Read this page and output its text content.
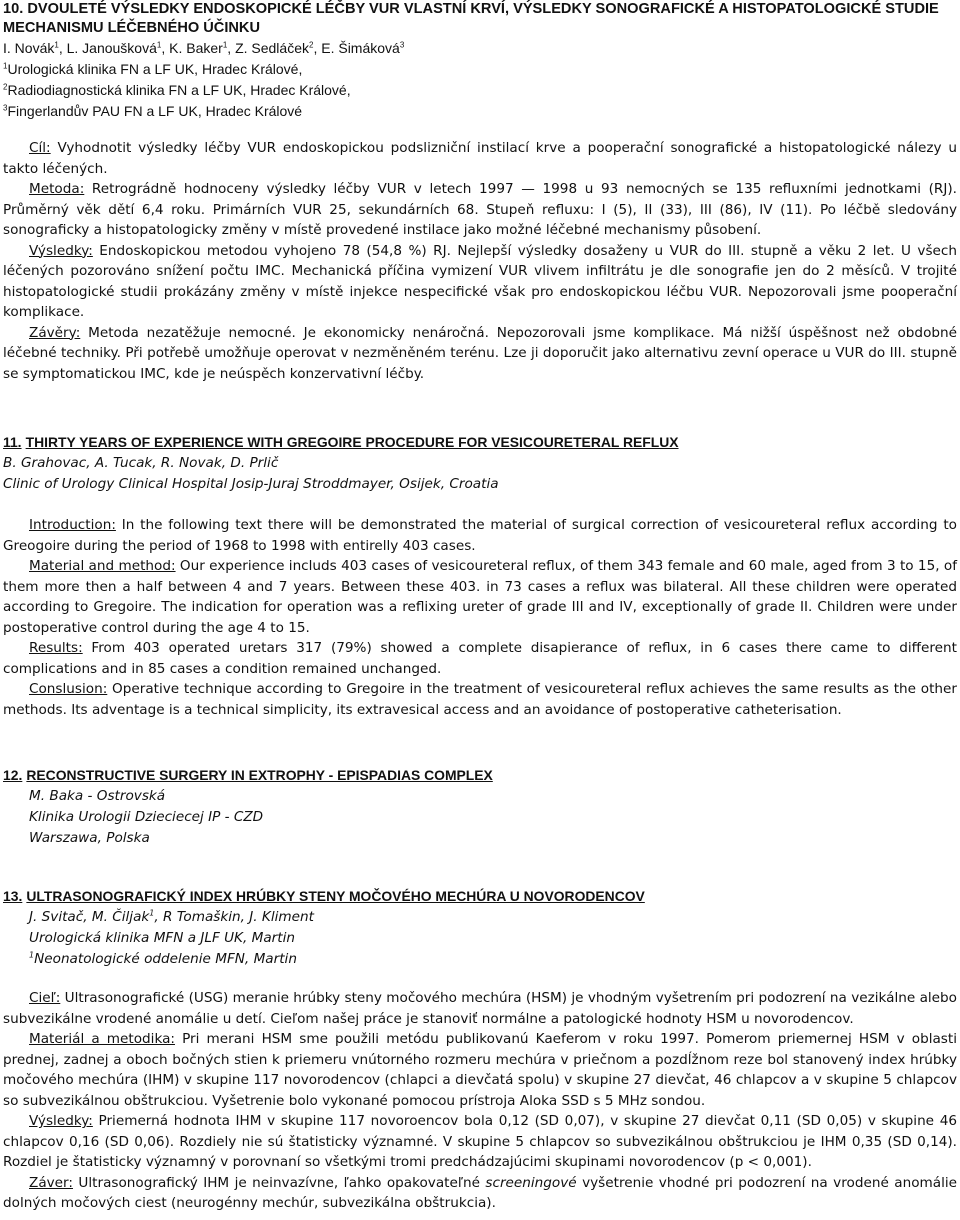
10. DVOULETÉ VÝSLEDKY ENDOSKOPICKÉ LÉČBY VUR VLASTNÍ KRVÍ, VÝSLEDKY SONOGRAFICKÉ A HISTOPATOLOGICKÉ STUDIE MECHANISMU LÉČEBNÉHO ÚČINKU

I. Novák$^1$, L. Janoušková$^1$, K. Baker$^1$, Z. Sedláček$^2$, E. Šimáková$^3$
$^1$Urologická klinika FN a LF UK, Hradec Králové,
$^2$Radiodiagnostická klinika FN a LF UK, Hradec Králové,
$^3$Fingerlandův PAU FN a LF UK, Hradec Králové

Cíl: Vyhodnotit výsledky léčby VUR endoskopickou podslizniční instilací krve a pooperační sonografické a histopatologické nálezy u takto léčených.

Metoda: Retrográdně hodnoceny výsledky léčby VUR v letech 1997 — 1998 u 93 nemocných se 135 refluxními jednotkami (RJ). Průměrný věk dětí 6,4 roku. Primárních VUR 25, sekundárních 68. Stupeň refluxu: I (5), II (33), III (86), IV (11). Po léčbě sledovány sonograficky a histopatologicky změny v místě provedené instilace jako možné léčebné mechanismy působení.

Výsledky: Endoskopickou metodou vyhojeno 78 (54,8 %) RJ. Nejlepší výsledky dosaženy u VUR do III. stupně a věku 2 let. U všech léčených pozorováno snížení počtu IMC. Mechanická příčina vymizení VUR vlivem infiltrátu je dle sonografie jen do 2 měsíců. V trojité histopatologické studii prokázány změny v místě injekce nespecifické však pro endoskopickou léčbu VUR. Nepozorovali jsme pooperační komplikace.

Závěry: Metoda nezatěžuje nemocné. Je ekonomicky nenáročná. Nepozorovali jsme komplikace. Má nižší úspěšnost než obdobné léčebné techniky. Při potřebě umožňuje operovat v nezměněném terénu. Lze ji doporučit jako alternativu zevní operace u VUR do III. stupně se symptomatickou IMC, kde je neúspěch konzervativní léčby.

11. THIRTY YEARS OF EXPERIENCE WITH GREGOIRE PROCEDURE FOR VESICOURETERAL REFLUX

B. Grahovac, A. Tucak, R. Novak, D. Prlič
Clinic of Urology Clinical Hospital Josip-Juraj Stroddmayer, Osijek, Croatia

Introduction: In the following text there will be demonstrated the material of surgical correction of vesicoureteral reflux according to Greogoire during the period of 1968 to 1998 with entirelly 403 cases.

Material and method: Our experience includs 403 cases of vesicoureteral reflux, of them 343 female and 60 male, aged from 3 to 15, of them more then a half between 4 and 7 years. Between these 403. in 73 cases a reflux was bilateral. All these children were operated according to Gregoire. The indication for operation was a reflixing ureter of grade III and IV, exceptionally of grade II. Children were under postoperative control during the age 4 to 15.

Results: From 403 operated uretars 317 (79%) showed a complete disapierance of reflux, in 6 cases there came to different complications and in 85 cases a condition remained unchanged.

Conslusion: Operative technique according to Gregoire in the treatment of vesicoureteral reflux achieves the same results as the other methods. Its adventage is a technical simplicity, its extravesical access and an avoidance of postoperative catheterisation.

12. RECONSTRUCTIVE SURGERY IN EXTROPHY - EPISPADIAS COMPLEX

M. Baka - Ostrovská
Klinika Urologii Dzieciecej IP - CZD
Warszawa, Polska

13. ULTRASONOGRAFICKÝ INDEX HRÚBKY STENY MOČOVÉHO MECHÚRA U NOVORODENCOV

J. Svitač, M. Čiljak$^1$, R Tomaškin, J. Kliment
Urologická klinika MFN a JLF UK, Martin
$^1$Neonatologické oddelenie MFN, Martin

Cieľ: Ultrasonografické (USG) meranie hrúbky steny močového mechúra (HSM) je vhodným vyšetrením pri podozrení na vezikálne alebo subvezikálne vrodené anomálie u detí. Cieľom našej práce je stanoviť normálne a patologické hodnoty HSM u novorodencov.

Materiál a metodika: Pri merani HSM sme použili metódu publikovanú Kaeferom v roku 1997. Pomerom priemernej HSM v oblasti prednej, zadnej a oboch bočných stien k priemeru vnútorného rozmeru mechúra v priečnom a pozdĺžnom reze bol stanovený index hrúbky močového mechúra (IHM) v skupine 117 novorodencov (chlapci a dievčatá spolu) v skupine 27 dievčat, 46 chlapcov a v skupine 5 chlapcov so subvezikálnou obštrukciou. Vyšetrenie bolo vykonané pomocou prístroja Aloka SSD s 5 MHz sondou.

Výsledky: Priemerná hodnota IHM v skupine 117 novoroencov bola 0,12 (SD 0,07), v skupine 27 dievčat 0,11 (SD 0,05) v skupine 46 chlapcov 0,16 (SD 0,06). Rozdiely nie sú štatisticky významné. V skupine 5 chlapcov so subvezikálnou obštrukciou je IHM 0,35 (SD 0,14). Rozdiel je štatisticky významný v porovnaní so všetkými tromi predchádzajúcimi skupinami novorodencov (p < 0,001).

Záver: Ultrasonografický IHM je neinvazívne, ľahko opakovateľné screeningové vyšetrenie vhodné pri podozrení na vrodené anomálie dolných močových ciest (neurogénny mechúr, subvezikálna obštrukcia).
